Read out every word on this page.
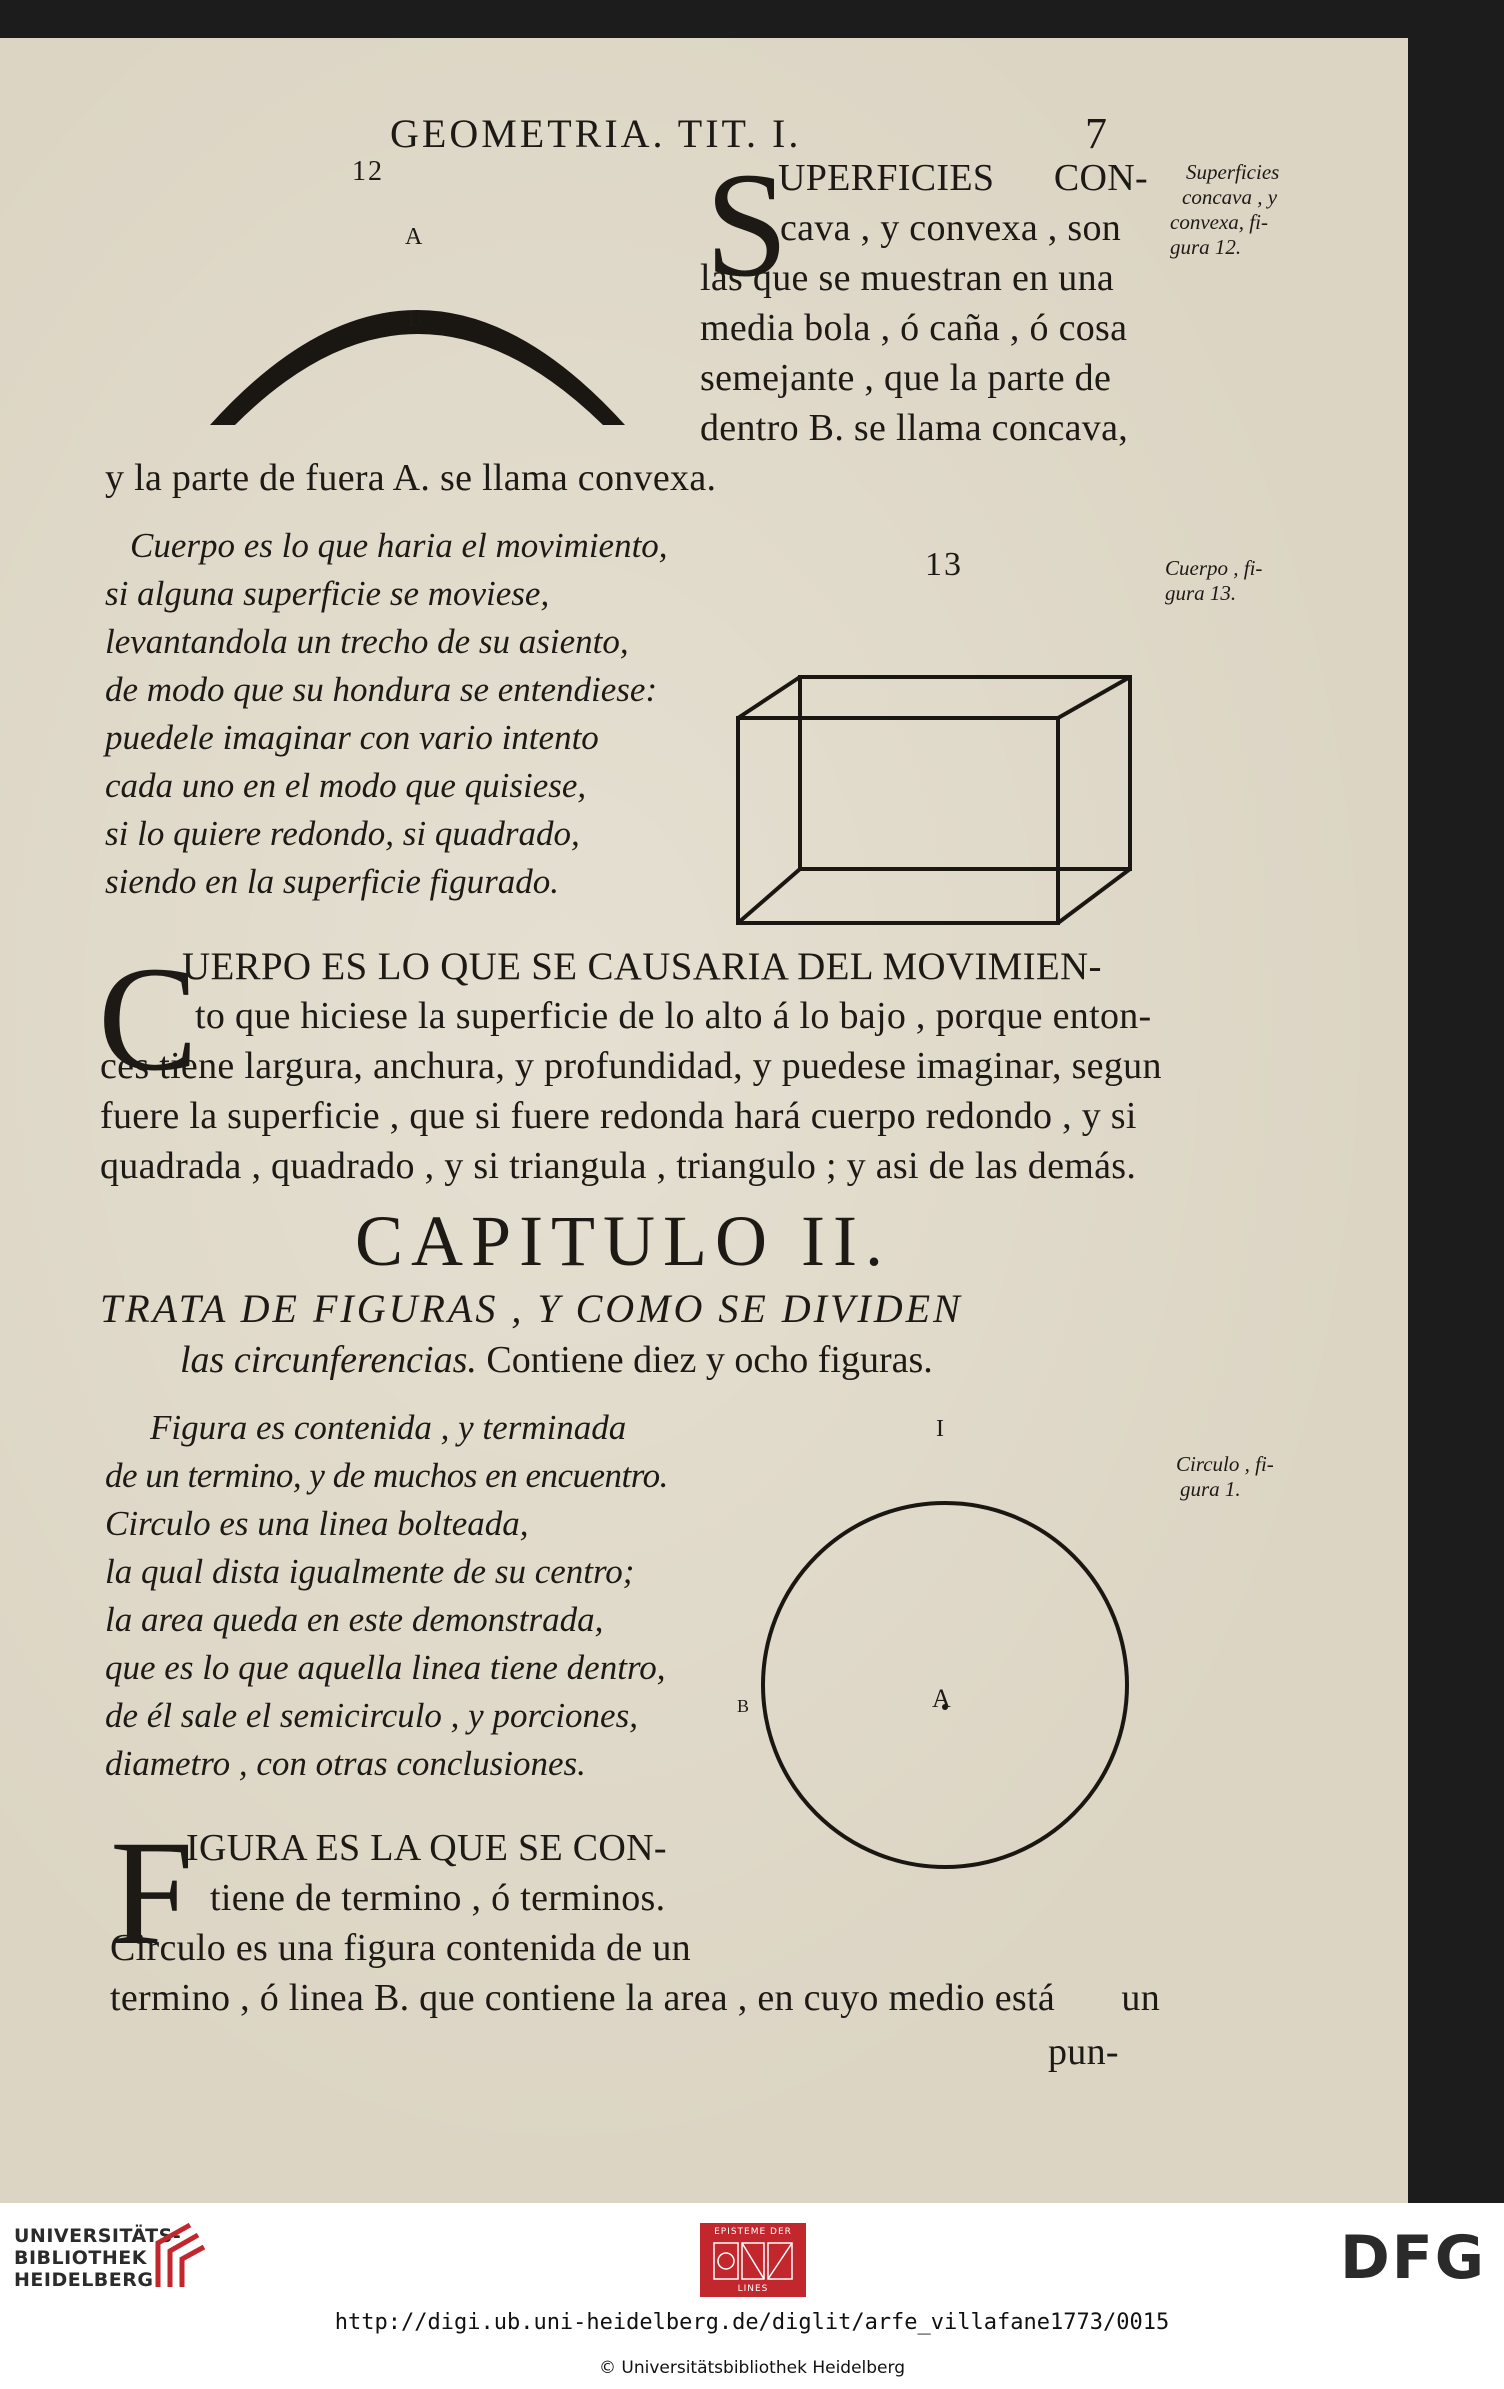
GEOMETRIA. TIT. I.	7
12
A
B
S
UPERFICIES CON-
cava , y convexa , son
las que se muestran en una
media bola , ó caña , ó cosa
semejante , que la parte de
dentro B. se llama concava,
y la parte de fuera A. se llama convexa.
Superficies
concava , y
convexa, fi-
gura 12.
Cuerpo es lo que haria el movimiento,
si alguna superficie se moviese,
levantandola un trecho de su asiento,
de modo que su hondura se entendiese:
puedele imaginar con vario intento
cada uno en el modo que quisiese,
si lo quiere redondo, si quadrado,
siendo en la superficie figurado.
13	Cuerpo , fi-
gura 13.
C
UERPO ES LO QUE SE CAUSARIA DEL MOVIMIEN-
to que hiciese la superficie de lo alto á lo bajo , porque enton-
ces tiene largura, anchura, y profundidad, y puedese imaginar, segun
fuere la superficie , que si fuere redonda hará cuerpo redondo , y si
quadrada , quadrado , y si triangula , triangulo ; y asi de las demás.
CAPITULO II.
TRATA DE FIGURAS , Y COMO SE DIVIDEN
las circunferencias. Contiene diez y ocho figuras.
Figura es contenida , y terminada
de un termino, y de muchos en encuentro.
Circulo es una linea bolteada,
la qual dista igualmente de su centro;
la area queda en este demonstrada,
que es lo que aquella linea tiene dentro,
de él sale el semicirculo , y porciones,
diametro , con otras conclusiones.
I
A
B
Circulo , fi-
gura 1.
F
IGURA ES LA QUE SE CON-
tiene de termino , ó terminos.
Circulo es una figura contenida de un
termino , ó linea B. que contiene la area , en cuyo medio está un
pun-
UNIVERSITÄTS-
BIBLIOTHEK
HEIDELBERG
EPISTEME DER
LINES	DFG
http://digi.ub.uni-heidelberg.de/diglit/arfe_villafane1773/0015
© Universitätsbibliothek Heidelberg
